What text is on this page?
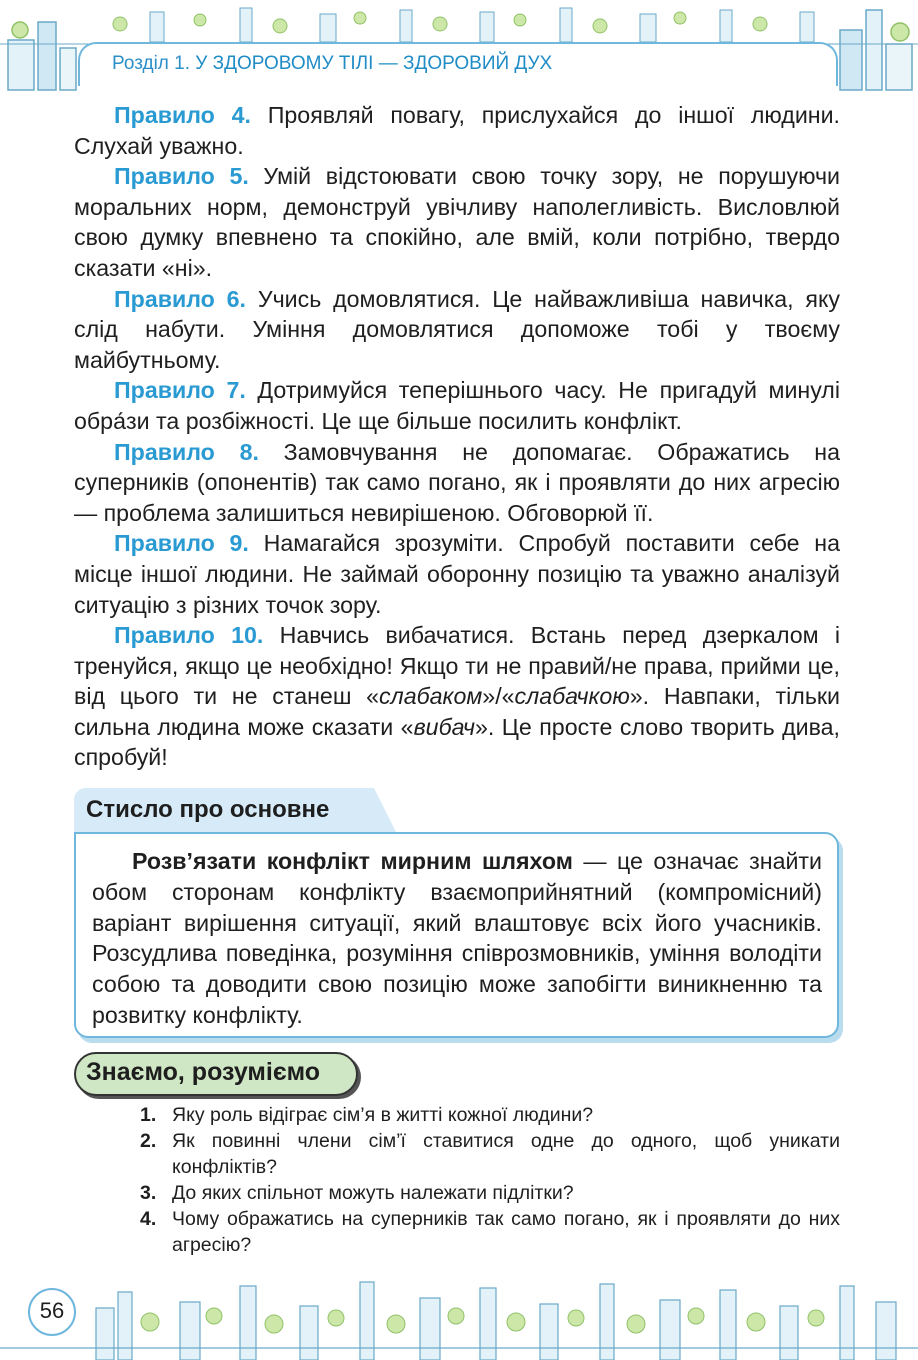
Розділ 1. У ЗДОРОВОМУ ТІЛІ — ЗДОРОВИЙ ДУХ

Правило 4. Проявляй повагу, прислухайся до іншої людини. Слухай уважно.

Правило 5. Умій відстоювати свою точку зору, не порушуючи моральних норм, демонструй увічливу наполегливість. Висловлюй свою думку впевнено та спокійно, але вмій, коли потрібно, твердо сказати «ні».

Правило 6. Учись домовлятися. Це найважливіша навичка, яку слід набути. Уміння домовлятися допоможе тобі у твоєму майбутньому.

Правило 7. Дотримуйся теперішнього часу. Не пригадуй минулі обра́зи та розбіжності. Це ще більше посилить конфлікт.

Правило 8. Замовчування не допомагає. Ображатись на суперників (опонентів) так само погано, як і проявляти до них агресію — проблема залишиться невирішеною. Обговорюй її.

Правило 9. Намагайся зрозуміти. Спробуй поставити себе на місце іншої людини. Не займай оборонну позицію та уважно аналізуй ситуацію з різних точок зору.

Правило 10. Навчись вибачатися. Встань перед дзеркалом і тренуйся, якщо це необхідно! Якщо ти не правий/не права, прийми це, від цього ти не станеш «слабаком»/«слабачкою». Навпаки, тільки сильна людина може сказати «вибач». Це просте слово творить дива, спробуй!

Стисло про основне

Розв’язати конфлікт мирним шляхом — це означає знайти обом сторонам конфлікту взаємоприйнятний (компромісний) варіант вирішення ситуації, який влаштовує всіх його учасників. Розсудлива поведінка, розуміння співрозмовників, уміння володіти собою та доводити свою позицію може запобігти виникненню та розвитку конфлікту.

Знаємо, розуміємо
1. Яку роль відіграє сім’я в житті кожної людини?
2. Як повинні члени сім’ї ставитися одне до одного, щоб уникати конфліктів?
3. До яких спільнот можуть належати підлітки?
4. Чому ображатись на суперників так само погано, як і проявляти до них агресію?
56
